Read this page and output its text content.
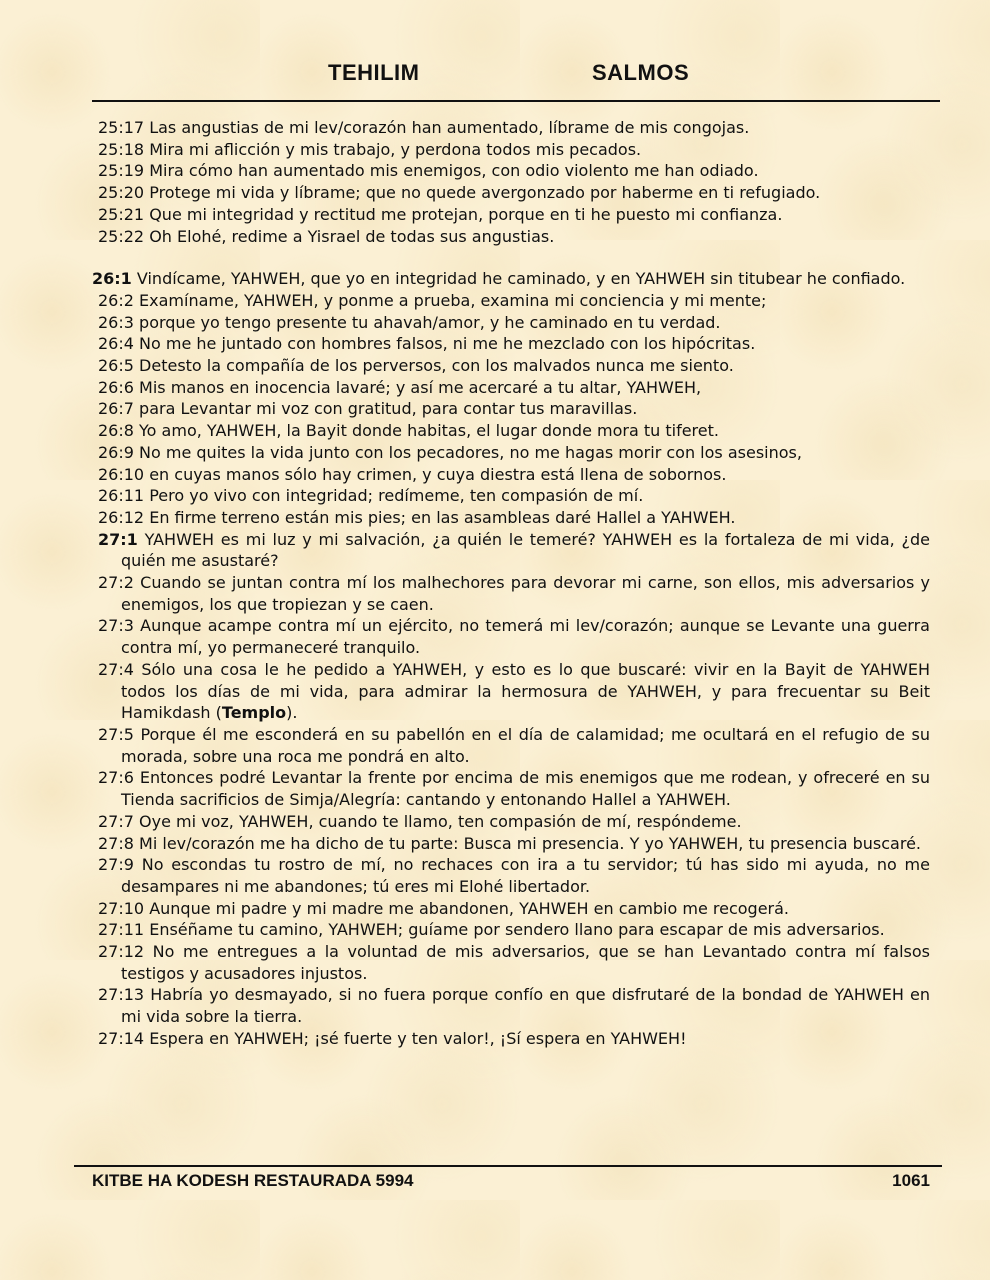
TEHILIM	SALMOS

25:17 Las angustias de mi lev/corazón han aumentado, líbrame de mis congojas.

25:18 Mira mi aflicción y mis trabajo, y perdona todos mis pecados.

25:19 Mira cómo han aumentado mis enemigos, con odio violento me han odiado.

25:20 Protege mi vida y líbrame; que no quede avergonzado por haberme en ti refugiado.

25:21 Que mi integridad y rectitud me protejan, porque en ti he puesto mi confianza.

25:22 Oh Elohé, redime a Yisrael de todas sus angustias.

26:1 Vindícame, YAHWEH, que yo en integridad he caminado, y en YAHWEH sin titubear he confiado.

26:2 Examíname, YAHWEH, y ponme a prueba, examina mi conciencia y mi mente;

26:3 porque yo tengo presente tu ahavah/amor, y he caminado en tu verdad.

26:4 No me he juntado con hombres falsos, ni me he mezclado con los hipócritas.

26:5 Detesto la compañía de los perversos, con los malvados nunca me siento.

26:6 Mis manos en inocencia lavaré; y así me acercaré a tu altar, YAHWEH,

26:7 para Levantar mi voz con gratitud, para contar tus maravillas.

26:8 Yo amo, YAHWEH, la Bayit donde habitas, el lugar donde mora tu tiferet.

26:9 No me quites la vida junto con los pecadores, no me hagas morir con los asesinos,

26:10 en cuyas manos sólo hay crimen, y cuya diestra está llena de sobornos.

26:11 Pero yo vivo con integridad; redímeme, ten compasión de mí.

26:12 En firme terreno están mis pies; en las asambleas daré Hallel a YAHWEH.

27:1 YAHWEH es mi luz y mi salvación, ¿a quién le temeré? YAHWEH es la fortaleza de mi vida, ¿de quién me asustaré?

27:2 Cuando se juntan contra mí los malhechores para devorar mi carne, son ellos, mis adversarios y enemigos, los que tropiezan y se caen.

27:3 Aunque acampe contra mí un ejército, no temerá mi lev/corazón; aunque se Levante una guerra contra mí, yo permaneceré tranquilo.

27:4 Sólo una cosa le he pedido a YAHWEH, y esto es lo que buscaré: vivir en la Bayit de YAHWEH todos los días de mi vida, para admirar la hermosura de YAHWEH, y para frecuentar su Beit Hamikdash (Templo).

27:5 Porque él me esconderá en su pabellón en el día de calamidad; me ocultará en el refugio de su morada, sobre una roca me pondrá en alto.

27:6 Entonces podré Levantar la frente por encima de mis enemigos que me rodean, y ofreceré en su Tienda sacrificios de Simja/Alegría: cantando y entonando Hallel a YAHWEH.

27:7 Oye mi voz, YAHWEH, cuando te llamo, ten compasión de mí, respóndeme.

27:8 Mi lev/corazón me ha dicho de tu parte: Busca mi presencia. Y yo YAHWEH, tu presencia buscaré.

27:9 No escondas tu rostro de mí, no rechaces con ira a tu servidor; tú has sido mi ayuda, no me desampares ni me abandones; tú eres mi Elohé libertador.

27:10 Aunque mi padre y mi madre me abandonen, YAHWEH en cambio me recogerá.

27:11 Enséñame tu camino, YAHWEH; guíame por sendero llano para escapar de mis adversarios.

27:12 No me entregues a la voluntad de mis adversarios, que se han Levantado contra mí falsos testigos y acusadores injustos.

27:13 Habría yo desmayado, si no fuera porque confío en que disfrutaré de la bondad de YAHWEH en mi vida sobre la tierra.

27:14 Espera en YAHWEH; ¡sé fuerte y ten valor!, ¡Sí espera en YAHWEH!

KITBE HA KODESH RESTAURADA 5994	1061
